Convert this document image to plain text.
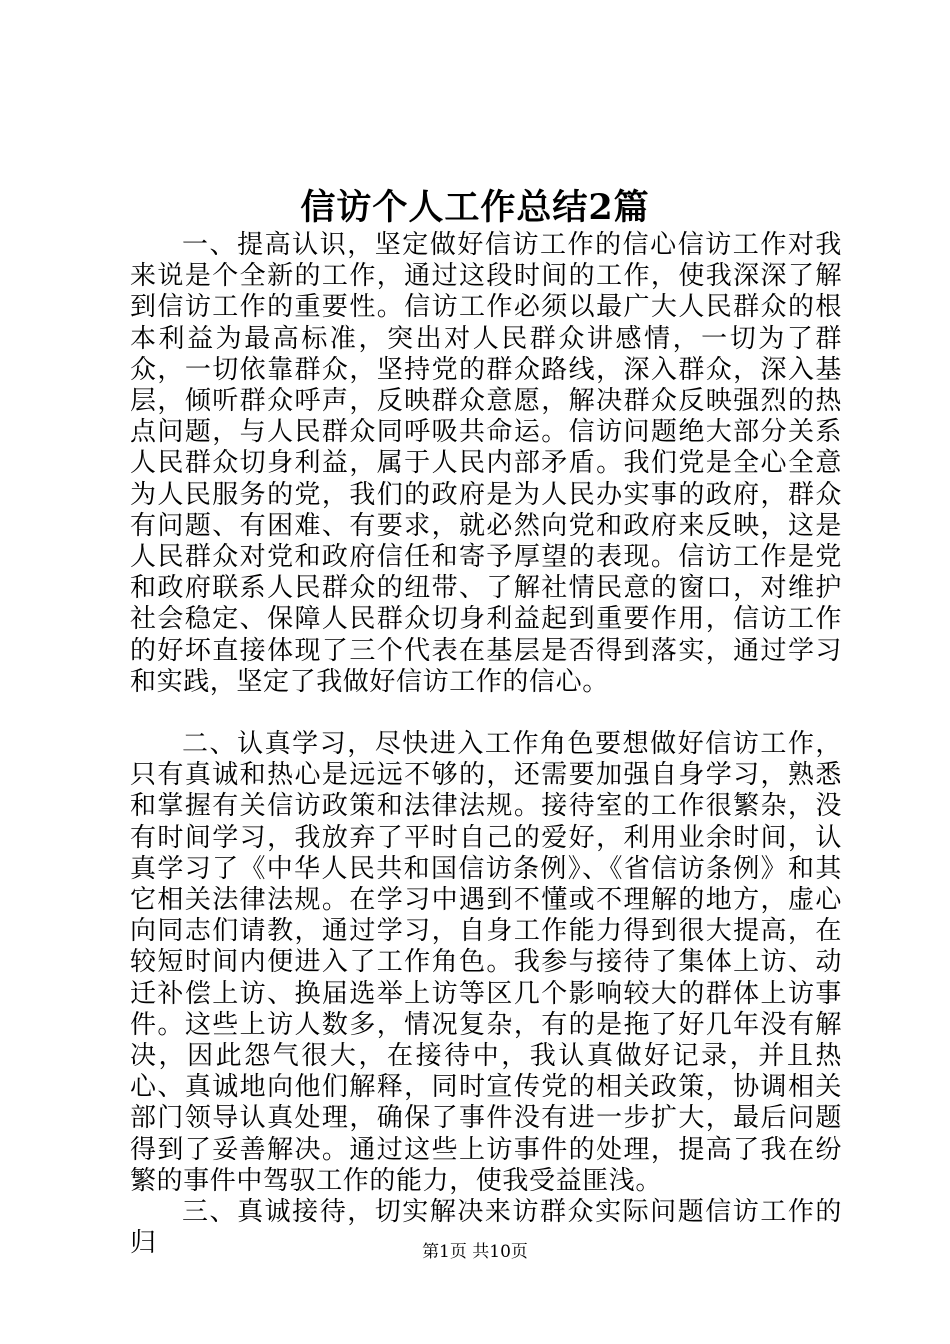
信访个人工作总结2篇

一、提高认识，坚定做好信访工作的信心信访工作对我来说是个全新的工作，通过这段时间的工作，使我深深了解到信访工作的重要性。信访工作必须以最广大人民群众的根本利益为最高标准，突出对人民群众讲感情，一切为了群众，一切依靠群众，坚持党的群众路线，深入群众，深入基层，倾听群众呼声，反映群众意愿，解决群众反映强烈的热点问题，与人民群众同呼吸共命运。信访问题绝大部分关系人民群众切身利益，属于人民内部矛盾。我们党是全心全意为人民服务的党，我们的政府是为人民办实事的政府，群众有问题、有困难、有要求，就必然向党和政府来反映，这是人民群众对党和政府信任和寄予厚望的表现。信访工作是党和政府联系人民群众的纽带、了解社情民意的窗口，对维护社会稳定、保障人民群众切身利益起到重要作用，信访工作的好坏直接体现了三个代表在基层是否得到落实，通过学习和实践，坚定了我做好信访工作的信心。

二、认真学习，尽快进入工作角色要想做好信访工作，只有真诚和热心是远远不够的，还需要加强自身学习，熟悉和掌握有关信访政策和法律法规。接待室的工作很繁杂，没有时间学习，我放弃了平时自己的爱好，利用业余时间，认真学习了《中华人民共和国信访条例》、《省信访条例》和其它相关法律法规。在学习中遇到不懂或不理解的地方，虚心向同志们请教，通过学习，自身工作能力得到很大提高，在较短时间内便进入了工作角色。我参与接待了集体上访、动迁补偿上访、换届选举上访等区几个影响较大的群体上访事件。这些上访人数多，情况复杂，有的是拖了好几年没有解决，因此怨气很大，在接待中，我认真做好记录，并且热心、真诚地向他们解释，同时宣传党的相关政策，协调相关部门领导认真处理，确保了事件没有进一步扩大，最后问题得到了妥善解决。通过这些上访事件的处理，提高了我在纷繁的事件中驾驭工作的能力，使我受益匪浅。

三、真诚接待，切实解决来访群众实际问题信访工作的归	第1页 共10页
